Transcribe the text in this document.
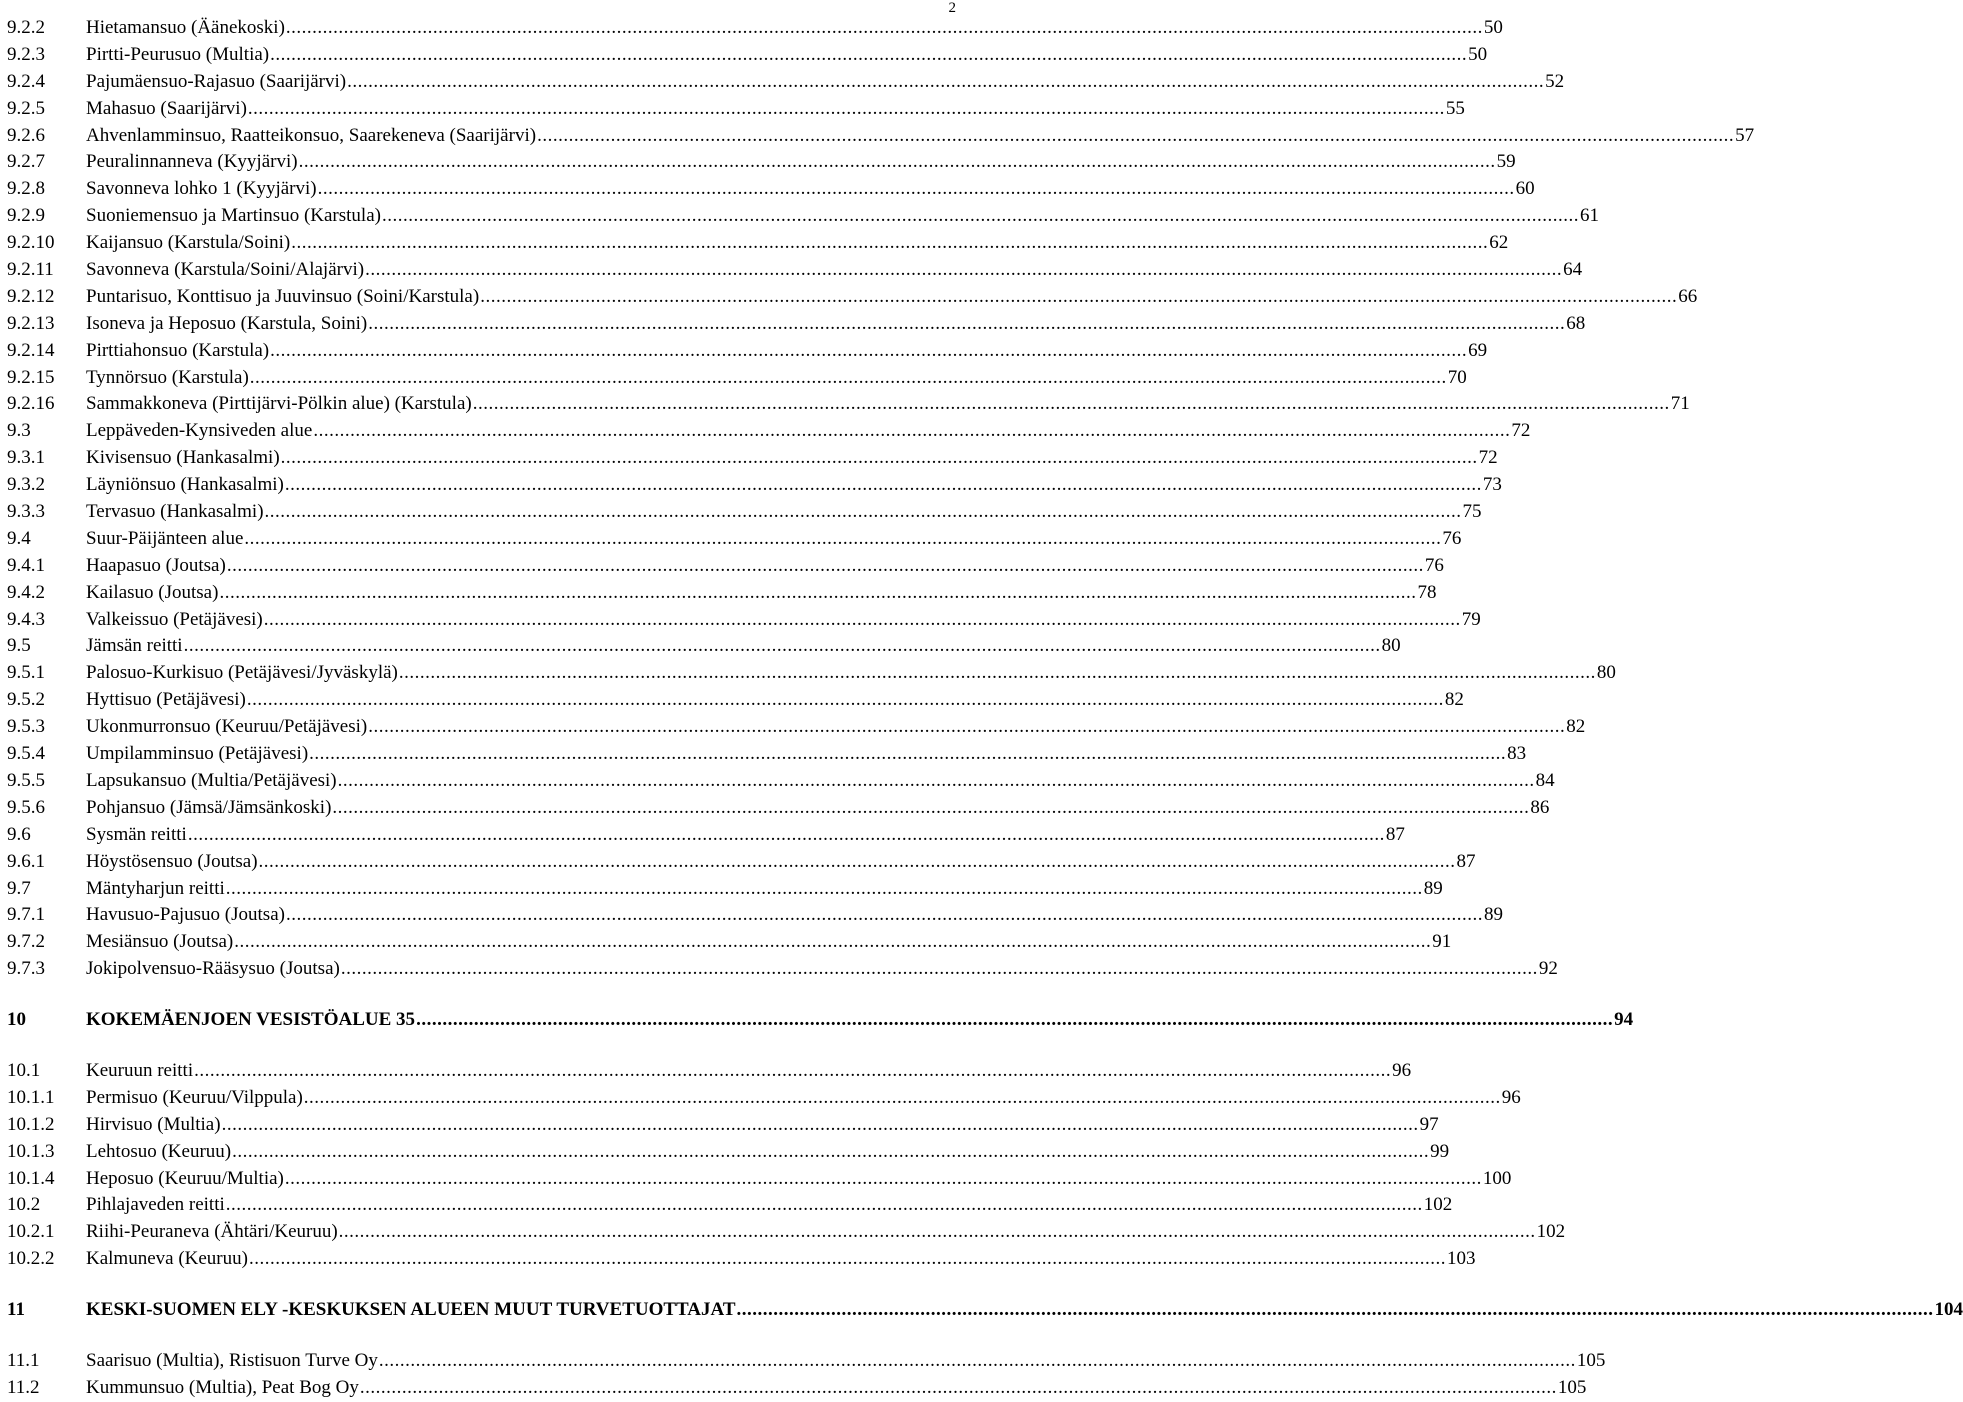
2
9.2.2	Hietamansuo (Äänekoski) .....	50
9.2.3	Pirtti-Peurusuo (Multia) .....	50
9.2.4	Pajumäensuo-Rajasuo (Saarijärvi) .....	52
9.2.5	Mahasuo (Saarijärvi) .....	55
9.2.6	Ahvenlamminsuo, Raatteikonsuo, Saarekeneva (Saarijärvi) .....	57
9.2.7	Peuralinnanneva (Kyyjärvi) .....	59
9.2.8	Savonneva lohko 1 (Kyyjärvi) .....	60
9.2.9	Suoniemensuo ja Martinsuo (Karstula) .....	61
9.2.10	Kaijansuo (Karstula/Soini) .....	62
9.2.11	Savonneva (Karstula/Soini/Alajärvi) .....	64
9.2.12	Puntarisuo, Konttisuo ja Juuvinsuo (Soini/Karstula) .....	66
9.2.13	Isoneva ja Heposuo (Karstula, Soini) .....	68
9.2.14	Pirttiahonsuo (Karstula) .....	69
9.2.15	Tynnörsuo (Karstula) .....	70
9.2.16	Sammakkoneva (Pirttijärvi-Pölkin alue) (Karstula) .....	71
9.3	Leppäveden-Kynsiveden alue .....	72
9.3.1	Kivisensuo (Hankasalmi) .....	72
9.3.2	Läyniönsuo (Hankasalmi) .....	73
9.3.3	Tervasuo (Hankasalmi) .....	75
9.4	Suur-Päijänteen alue .....	76
9.4.1	Haapasuo (Joutsa) .....	76
9.4.2	Kailasuo (Joutsa) .....	78
9.4.3	Valkeissuo (Petäjävesi) .....	79
9.5	Jämsän reitti .....	80
9.5.1	Palosuo-Kurkisuo (Petäjävesi/Jyväskylä) .....	80
9.5.2	Hyttisuo (Petäjävesi) .....	82
9.5.3	Ukonmurronsuo (Keuruu/Petäjävesi) .....	82
9.5.4	Umpilamminsuo (Petäjävesi) .....	83
9.5.5	Lapsukansuo (Multia/Petäjävesi) .....	84
9.5.6	Pohjansuo (Jämsä/Jämsänkoski) .....	86
9.6	Sysmän reitti .....	87
9.6.1	Höystösensuo (Joutsa) .....	87
9.7	Mäntyharjun reitti .....	89
9.7.1	Havusuo-Pajusuo (Joutsa) .....	89
9.7.2	Mesiänsuo (Joutsa) .....	91
9.7.3	Jokipolvensuo-Rääsysuo (Joutsa) .....	92
10	KOKEMÄENJOEN VESISTÖALUE 35 .....	94
10.1	Keuruun reitti .....	96
10.1.1	Permisuo (Keuruu/Vilppula) .....	96
10.1.2	Hirvisuo (Multia) .....	97
10.1.3	Lehtosuo (Keuruu) .....	99
10.1.4	Heposuo (Keuruu/Multia) .....	100
10.2	Pihlajaveden reitti .....	102
10.2.1	Riihi-Peuraneva (Ähtäri/Keuruu) .....	102
10.2.2	Kalmuneva (Keuruu) .....	103
11	KESKI-SUOMEN ELY -KESKUKSEN ALUEEN MUUT TURVETUOTTAJAT .....	104
11.1	Saarisuo (Multia), Ristisuon Turve Oy .....	105
11.2	Kummunsuo (Multia), Peat Bog Oy .....	105
